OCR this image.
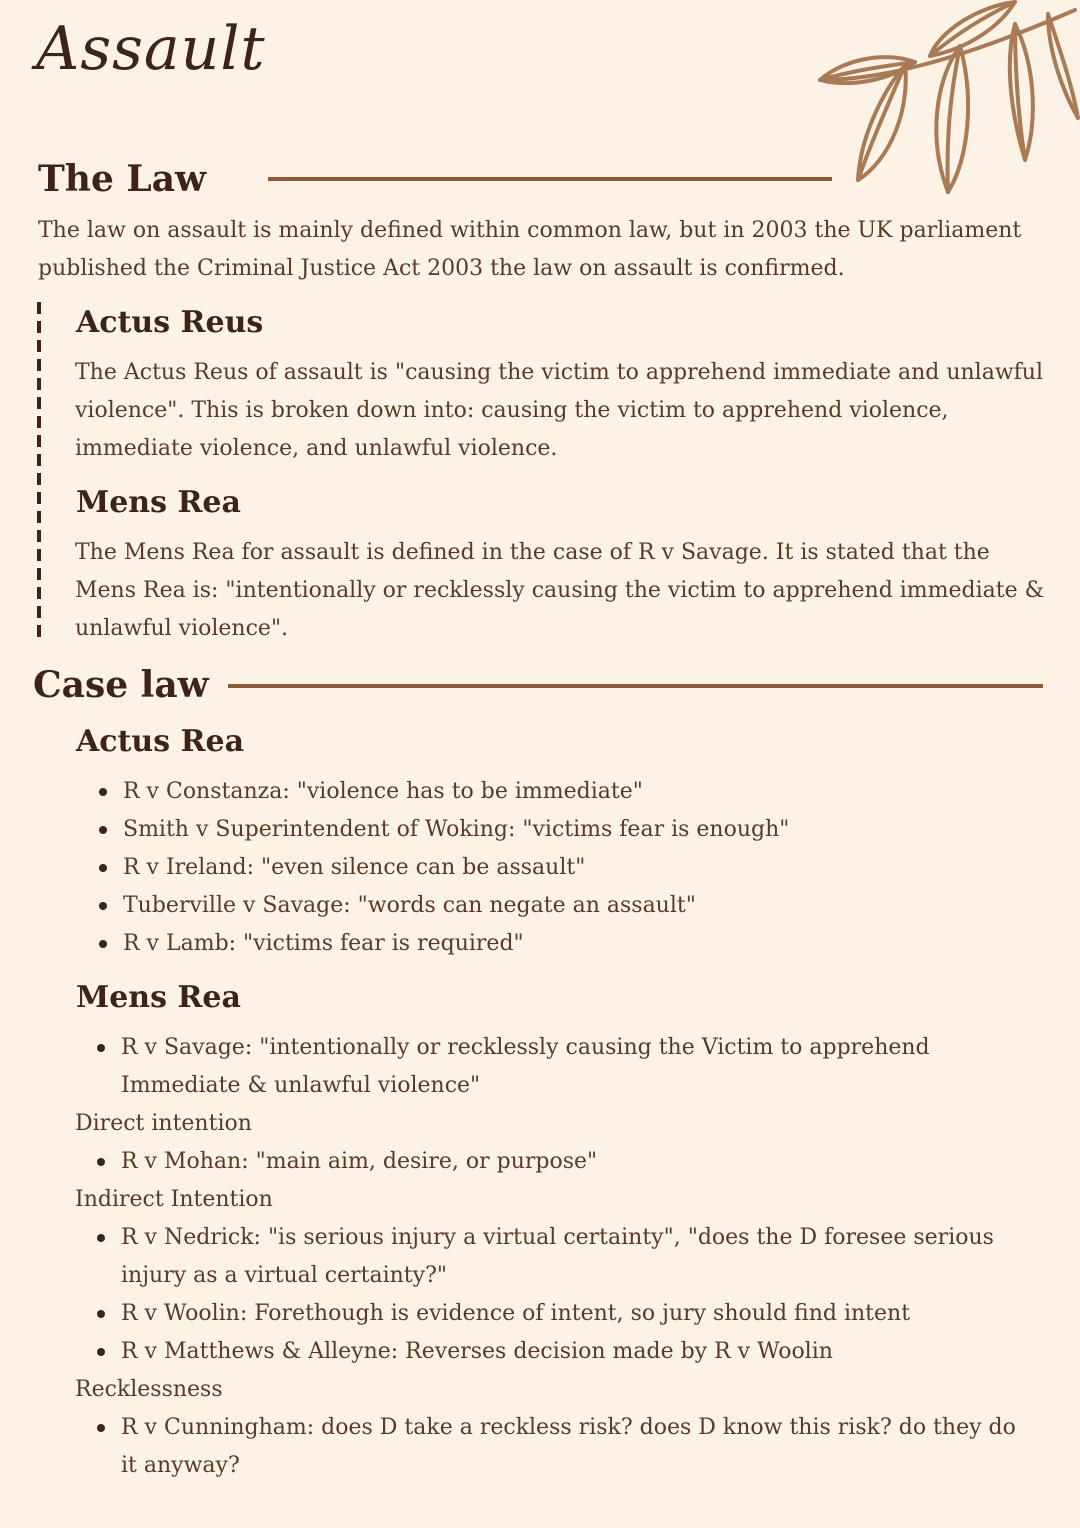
Assault
The Law

The law on assault is mainly defined within common law, but in 2003 the UK parliament published the Criminal Justice Act 2003 the law on assault is confirmed.

Actus Reus

The Actus Reus of assault is "causing the victim to apprehend immediate and unlawful violence". This is broken down into: causing the victim to apprehend violence, immediate violence, and unlawful violence.

Mens Rea

The Mens Rea for assault is defined in the case of R v Savage. It is stated that the Mens Rea is: "intentionally or recklessly causing the victim to apprehend immediate & unlawful violence".

Case law
Actus Rea
R v Constanza: "violence has to be immediate"
Smith v Superintendent of Woking: "victims fear is enough"
R v Ireland: "even silence can be assault"
Tuberville v Savage: "words can negate an assault"
R v Lamb: "victims fear is required"
Mens Rea
R v Savage: "intentionally or recklessly causing the Victim to apprehend Immediate & unlawful violence"

Direct intention

R v Mohan: "main aim, desire, or purpose"

Indirect Intention

R v Nedrick: "is serious injury a virtual certainty", "does the D foresee serious injury as a virtual certainty?"
R v Woolin: Forethough is evidence of intent, so jury should find intent
R v Matthews & Alleyne: Reverses decision made by R v Woolin

Recklessness

R v Cunningham: does D take a reckless risk? does D know this risk? do they do it anyway?
